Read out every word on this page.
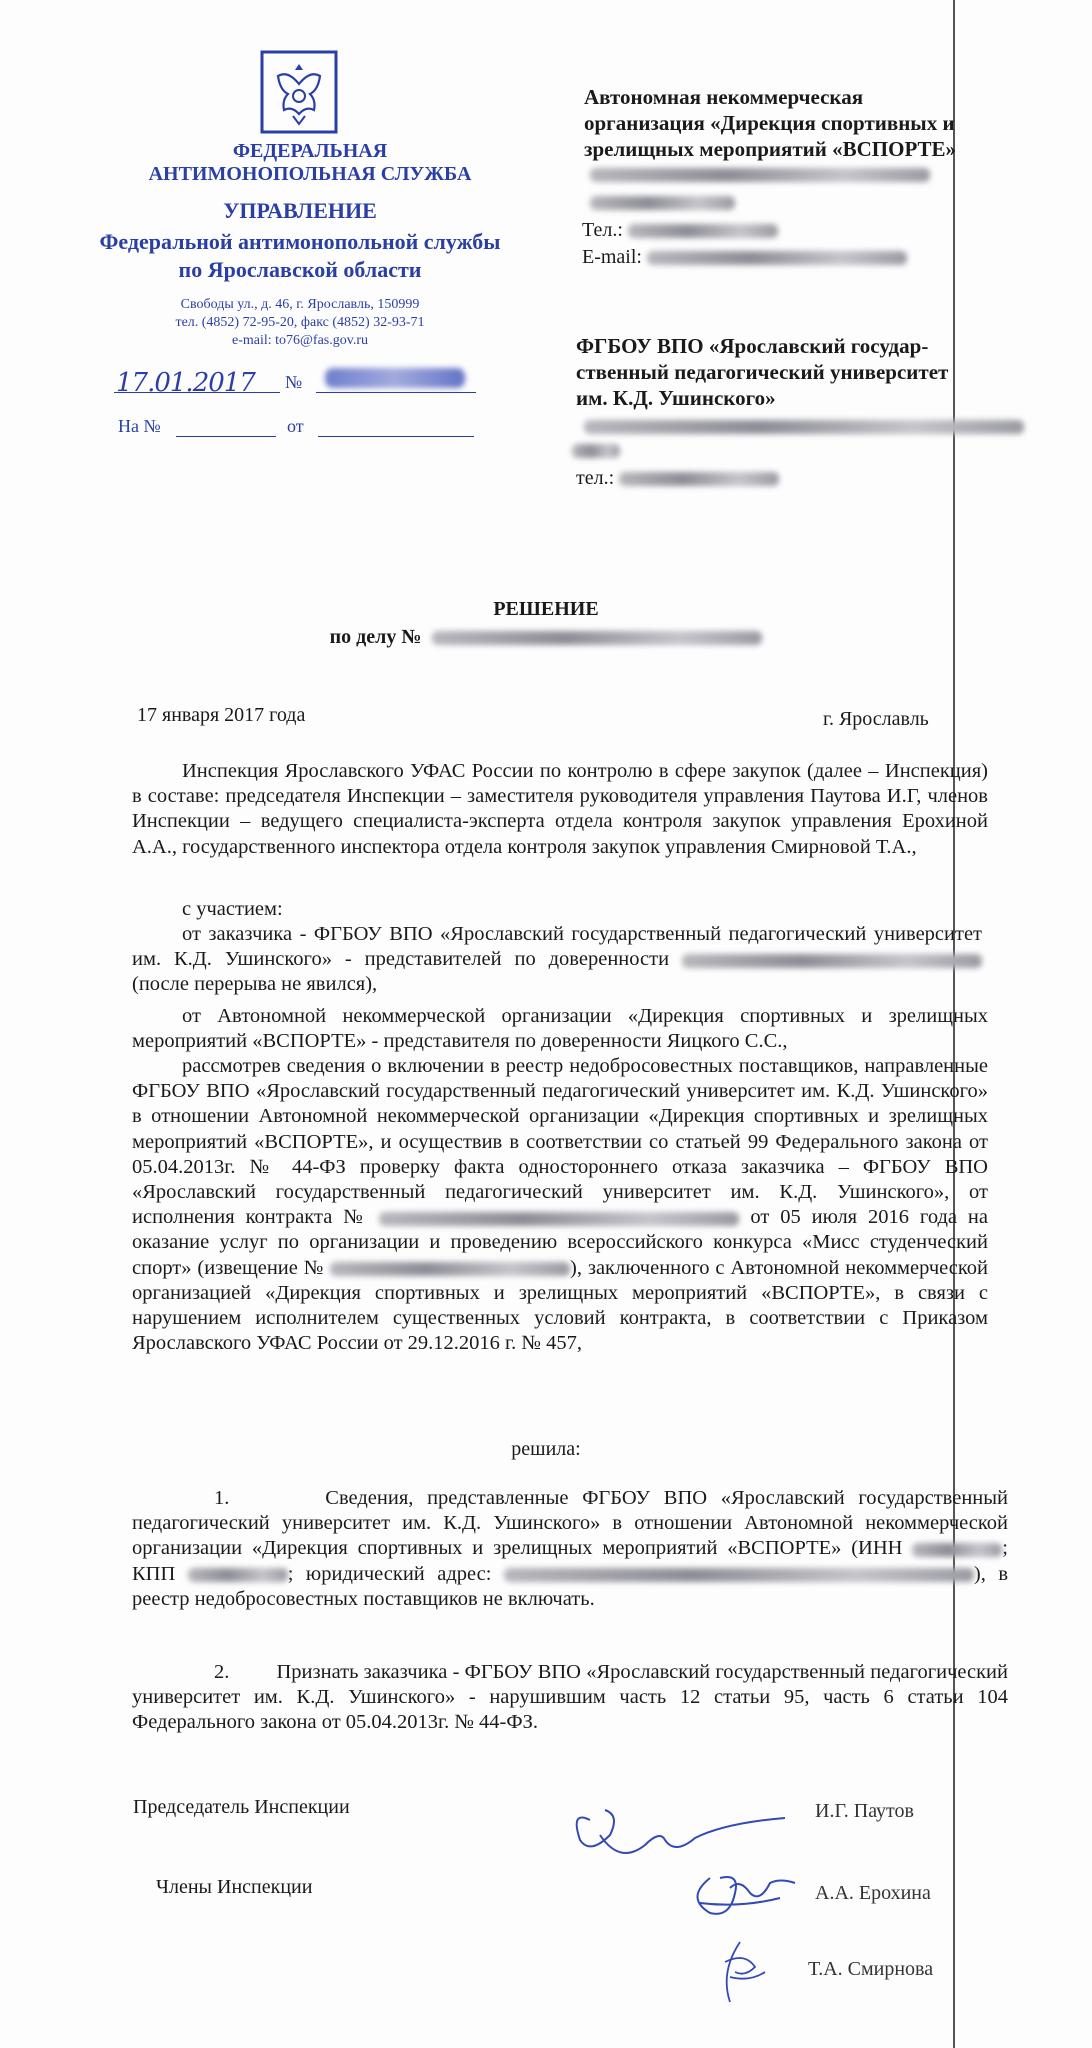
ФЕДЕРАЛЬНАЯ
АНТИМОНОПОЛЬНАЯ СЛУЖБА
УПРАВЛЕНИЕ
Федеральной антимонопольной службы
по Ярославской области
Свободы ул., д. 46, г. Ярославль, 150999
тел. (4852) 72-95-20, факс (4852) 32-93-71
e-mail: to76@fas.gov.ru
17.01.2017 №
На №	от
Автономная некоммерческая
организация «Дирекция спортивных и
зрелищных мероприятий «ВСПОРТЕ»
Тел.:
E-mail:
ФГБОУ ВПО «Ярославский государ-
ственный педагогический университет
им. К.Д. Ушинского»
тел.:
РЕШЕНИЕ
по делу №
17 января 2017 года	г. Ярославль
Инспекция Ярославского УФАС России по контролю в сфере закупок (далее – Инспекция) в составе: председателя Инспекции – заместителя руководителя управления Паутова И.Г, членов Инспекции – ведущего специалиста-эксперта отдела контроля закупок управления Ерохиной А.А., государственного инспектора отдела контроля закупок управления Смирновой Т.А.,
с участием:
от заказчика - ФГБОУ ВПО «Ярославский государственный педагогический университет им. К.Д. Ушинского» - представителей по доверенности  (после перерыва не явился),
от Автономной некоммерческой организации «Дирекция спортивных и зрелищных мероприятий «ВСПОРТЕ» - представителя по доверенности Яицкого С.С.,
рассмотрев сведения о включении в реестр недобросовестных поставщиков, направленные ФГБОУ ВПО «Ярославский государственный педагогический университет им. К.Д. Ушинского» в отношении Автономной некоммерческой организации «Дирекция спортивных и зрелищных мероприятий «ВСПОРТЕ», и осуществив в соответствии со статьей 99 Федерального закона от 05.04.2013г. № 44-ФЗ проверку факта одностороннего отказа заказчика – ФГБОУ ВПО «Ярославский государственный педагогический университет им. К.Д. Ушинского», от исполнения контракта №	от 05 июля 2016 года на оказание услуг по организации и проведению всероссийского конкурса «Мисс студенческий спорт» (извещение №	), заключенного с Автономной некоммерческой организацией «Дирекция спортивных и зрелищных мероприятий «ВСПОРТЕ», в связи с нарушением исполнителем существенных условий контракта, в соответствии с Приказом Ярославского УФАС России от 29.12.2016 г. № 457,
решила:
1.	Сведения, представленные ФГБОУ ВПО «Ярославский государственный педагогический университет им. К.Д. Ушинского» в отношении Автономной некоммерческой организации «Дирекция спортивных и зрелищных мероприятий «ВСПОРТЕ» (ИНН	; КПП	; юридический адрес:	), в реестр недобросовестных поставщиков не включать.
2. Признать заказчика - ФГБОУ ВПО «Ярославский государственный педагогический университет им. К.Д. Ушинского» - нарушившим часть 12 статьи 95, часть 6 статьи 104 Федерального закона от 05.04.2013г. № 44-ФЗ.
Председатель Инспекции
Члены Инспекции
И.Г. Паутов
А.А. Ерохина
Т.А. Смирнова
